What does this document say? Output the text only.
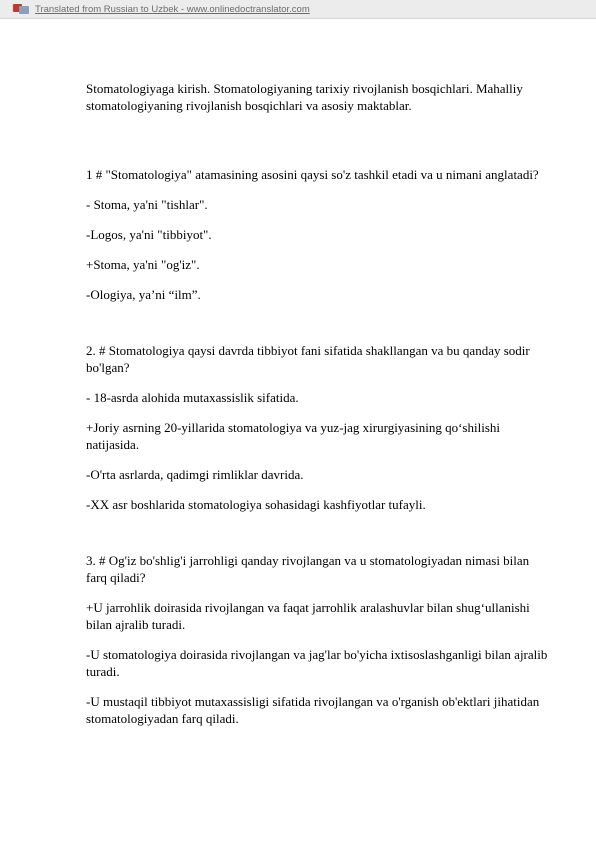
Translated from Russian to Uzbek - www.onlinedoctranslator.com

Stomatologiyaga kirish. Stomatologiyaning tarixiy rivojlanish bosqichlari. Mahalliy stomatologiyaning rivojlanish bosqichlari va asosiy maktablar.

1 # "Stomatologiya" atamasining asosini qaysi so'z tashkil etadi va u nimani anglatadi?

- Stoma, ya'ni "tishlar".

-Logos, ya'ni "tibbiyot".

+Stoma, ya'ni "og'iz".

-Ologiya, ya’ni “ilm”.

2. # Stomatologiya qaysi davrda tibbiyot fani sifatida shakllangan va bu qanday sodir bo'lgan?

- 18-asrda alohida mutaxassislik sifatida.

+Joriy asrning 20-yillarida stomatologiya va yuz-jag xirurgiyasining qo‘shilishi natijasida.

-O'rta asrlarda, qadimgi rimliklar davrida.

-XX asr boshlarida stomatologiya sohasidagi kashfiyotlar tufayli.

3. # Og'iz bo'shlig'i jarrohligi qanday rivojlangan va u stomatologiyadan nimasi bilan farq qiladi?

+U jarrohlik doirasida rivojlangan va faqat jarrohlik aralashuvlar bilan shug‘ullanishi bilan ajralib turadi.

-U stomatologiya doirasida rivojlangan va jag'lar bo'yicha ixtisoslashganligi bilan ajralib turadi.

-U mustaqil tibbiyot mutaxassisligi sifatida rivojlangan va o'rganish ob'ektlari jihatidan stomatologiyadan farq qiladi.
